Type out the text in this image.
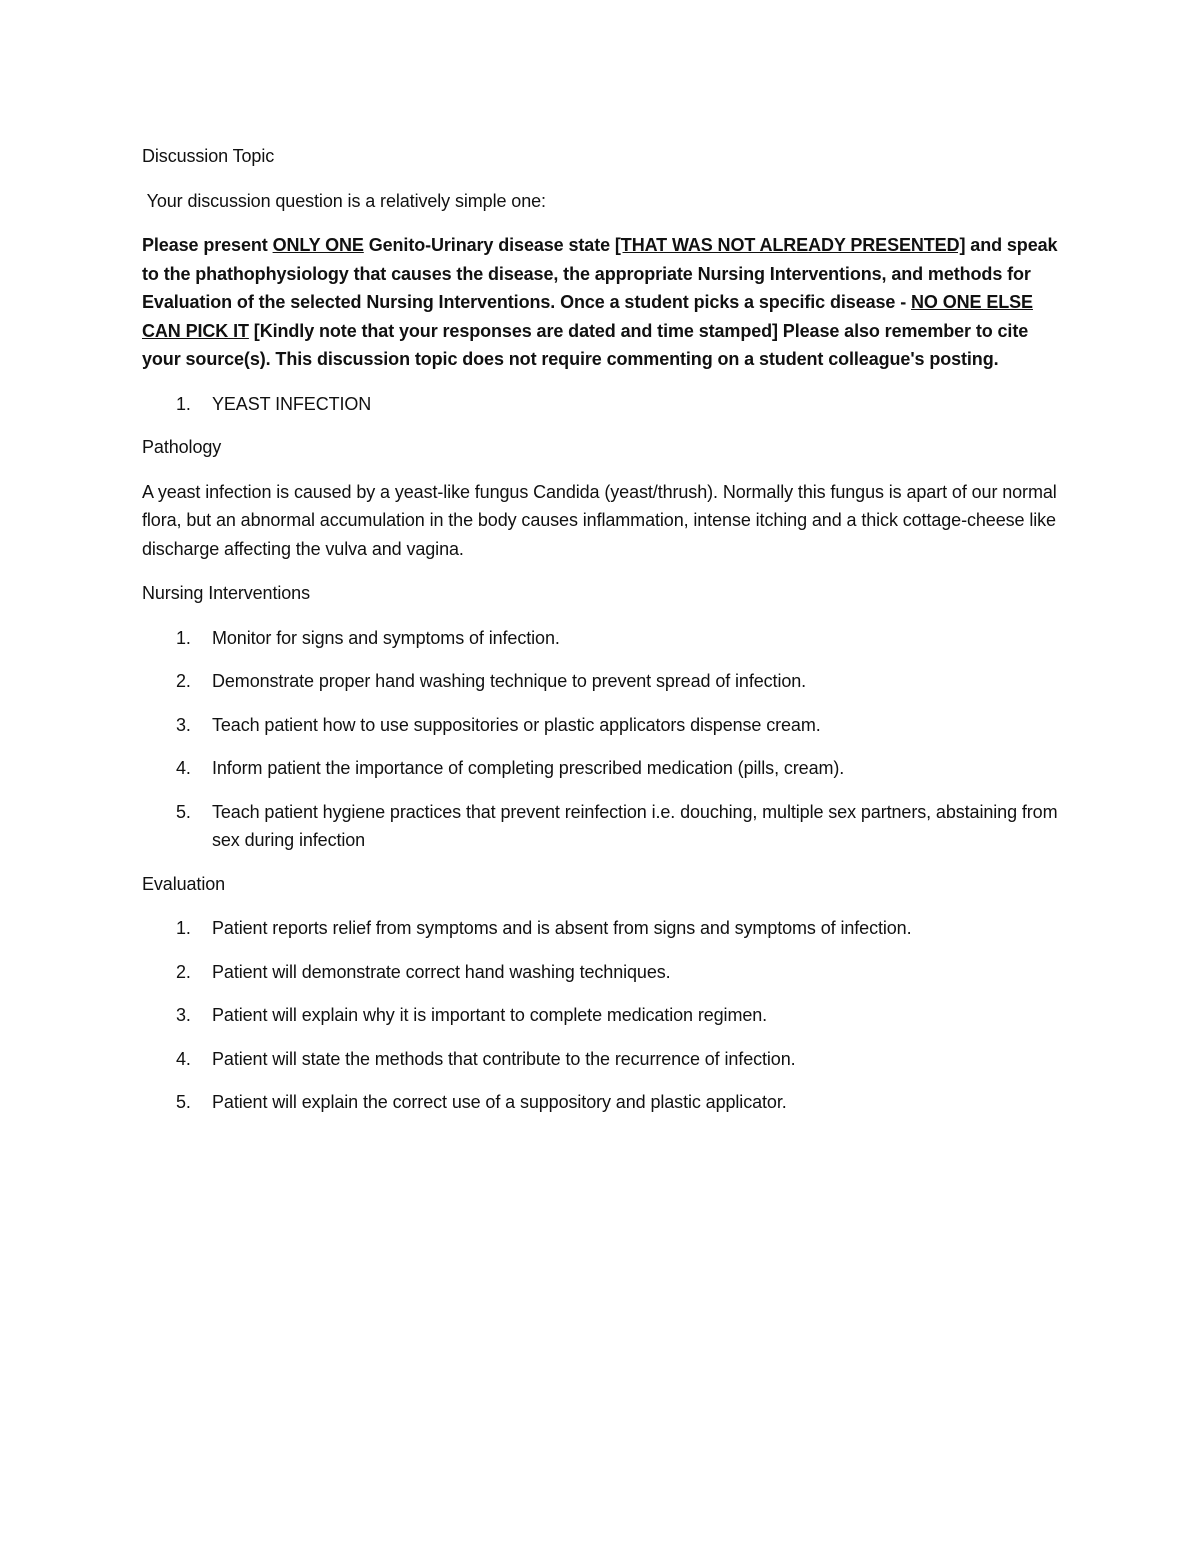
Discussion Topic

Your discussion question is a relatively simple one:

Please present ONLY ONE Genito-Urinary disease state [THAT WAS NOT ALREADY PRESENTED] and speak to the phathophysiology that causes the disease, the appropriate Nursing Interventions, and methods for Evaluation of the selected Nursing Interventions. Once a student picks a specific disease - NO ONE ELSE CAN PICK IT [Kindly note that your responses are dated and time stamped] Please also remember to cite your source(s). This discussion topic does not require commenting on a student colleague's posting.

1.	YEAST INFECTION

Pathology

A yeast infection is caused by a yeast-like fungus Candida (yeast/thrush). Normally this fungus is apart of our normal flora, but an abnormal accumulation in the body causes inflammation, intense itching and a thick cottage-cheese like discharge affecting the vulva and vagina.

Nursing Interventions

1.	Monitor for signs and symptoms of infection.
2.	Demonstrate proper hand washing technique to prevent spread of infection.
3.	Teach patient how to use suppositories or plastic applicators dispense cream.
4.	Inform patient the importance of completing prescribed medication (pills, cream).
5.	Teach patient hygiene practices that prevent reinfection i.e. douching, multiple sex partners, abstaining from sex during infection

Evaluation

1.	Patient reports relief from symptoms and is absent from signs and symptoms of infection.
2.	Patient will demonstrate correct hand washing techniques.
3.	Patient will explain why it is important to complete medication regimen.
4.	Patient will state the methods that contribute to the recurrence of infection.
5.	Patient will explain the correct use of a suppository and plastic applicator.
